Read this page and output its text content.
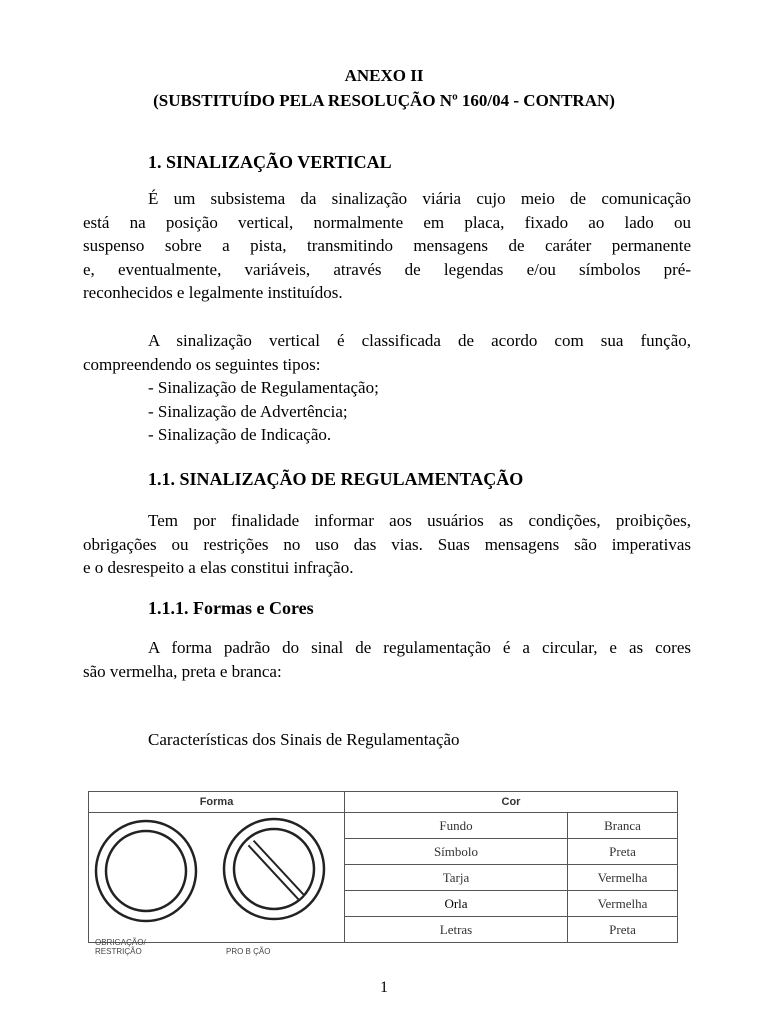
ANEXO II
(SUBSTITUÍDO PELA RESOLUÇÃO Nº 160/04 - CONTRAN)
1. SINALIZAÇÃO VERTICAL
É um subsistema da sinalização viária cujo meio de comunicação
está na posição vertical, normalmente em placa, fixado ao lado ou
suspenso sobre a pista, transmitindo mensagens de caráter permanente
e, eventualmente, variáveis, através de legendas e/ou símbolos pré-
reconhecidos e legalmente instituídos.
A sinalização vertical é classificada de acordo com sua função,
compreendendo os seguintes tipos:
- Sinalização de Regulamentação;
- Sinalização de Advertência;
- Sinalização de Indicação.
1.1. SINALIZAÇÃO DE REGULAMENTAÇÃO
Tem por finalidade informar aos usuários as condições, proibições,
obrigações ou restrições no uso das vias. Suas mensagens são imperativas
e o desrespeito a elas constitui infração.
1.1.1. Formas e Cores
A forma padrão do sinal de regulamentação é a circular, e as cores
são vermelha, preta e branca:
Características dos Sinais de Regulamentação
Forma	Cor	

OBRIGAÇÃO/
RESTRIÇÃO PRO B ÇÃO	Fundo	Branca
	Símbolo	Preta
	Tarja	Vermelha
	Orla	Vermelha
	Letras	Preta
1
